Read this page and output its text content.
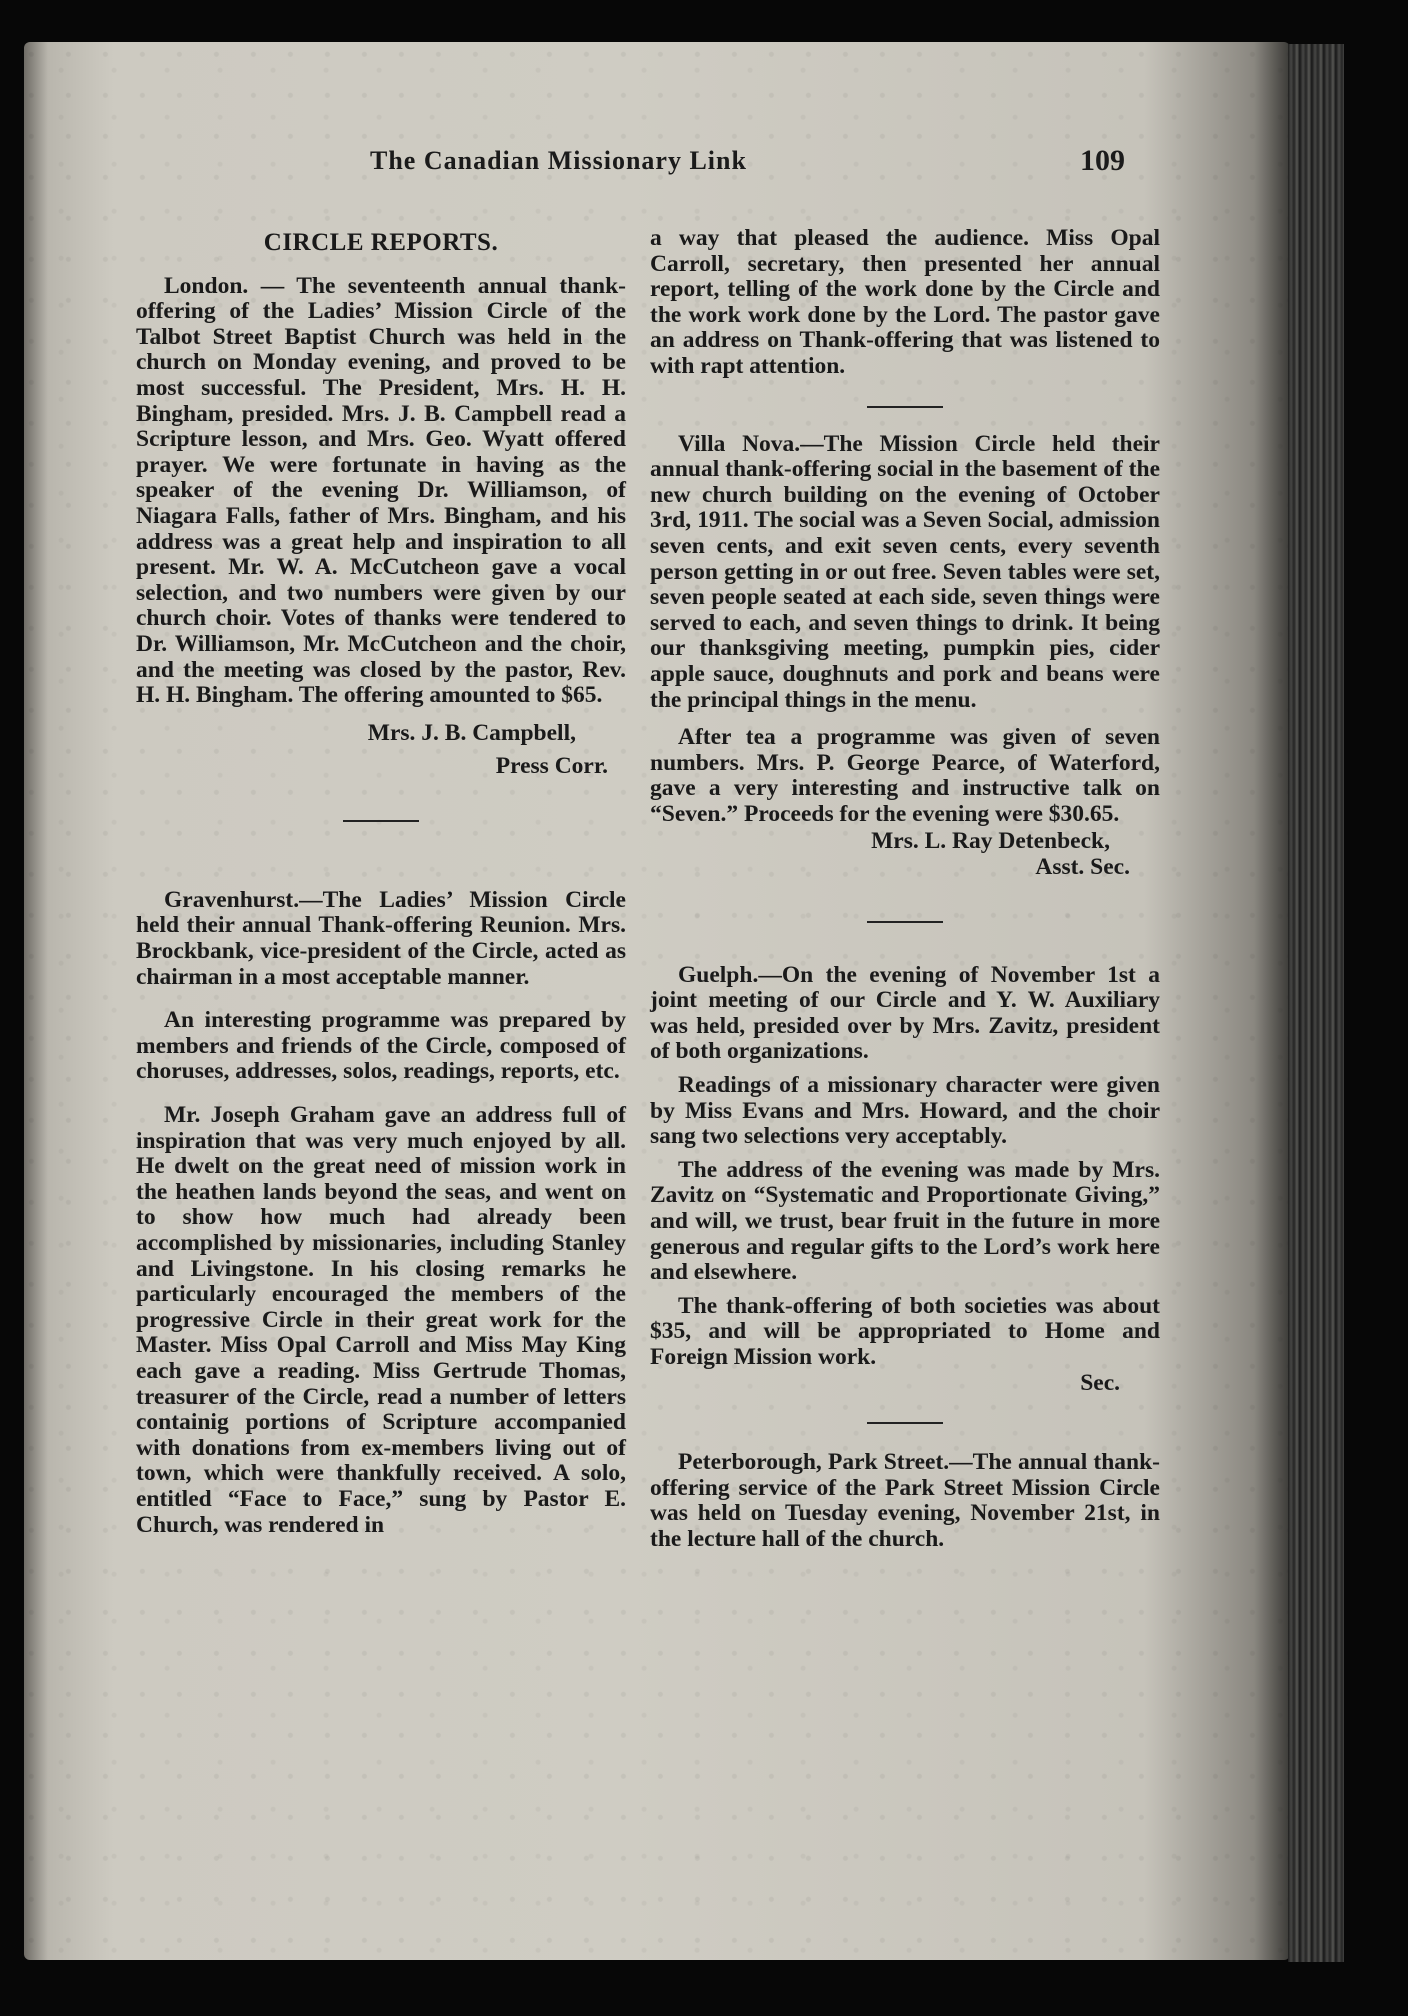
The Canadian Missionary Link	109
CIRCLE REPORTS.

London. — The seventeenth annual thank-offering of the Ladies’ Mission Circle of the Talbot Street Baptist Church was held in the church on Monday evening, and proved to be most successful. The President, Mrs. H. H. Bingham, presided. Mrs. J. B. Campbell read a Scripture lesson, and Mrs. Geo. Wyatt offered prayer. We were fortunate in having as the speaker of the evening Dr. Williamson, of Niagara Falls, father of Mrs. Bingham, and his address was a great help and inspiration to all present. Mr. W. A. McCutcheon gave a vocal selection, and two numbers were given by our church choir. Votes of thanks were tendered to Dr. Williamson, Mr. McCutcheon and the choir, and the meeting was closed by the pastor, Rev. H. H. Bingham. The offering amounted to $65.

Mrs. J. B. Campbell,
Press Corr.

Gravenhurst.—The Ladies’ Mission Circle held their annual Thank-offering Reunion. Mrs. Brockbank, vice-president of the Circle, acted as chairman in a most acceptable manner.

An interesting programme was prepared by members and friends of the Circle, composed of choruses, addresses, solos, readings, reports, etc.

Mr. Joseph Graham gave an address full of inspiration that was very much enjoyed by all. He dwelt on the great need of mission work in the heathen lands beyond the seas, and went on to show how much had already been accomplished by missionaries, including Stanley and Livingstone. In his closing remarks he particularly encouraged the members of the progressive Circle in their great work for the Master. Miss Opal Carroll and Miss May King each gave a reading. Miss Gertrude Thomas, treasurer of the Circle, read a number of letters containig portions of Scripture accompanied with donations from ex-members living out of town, which were thankfully received. A solo, entitled “Face to Face,” sung by Pastor E. Church, was rendered in

a way that pleased the audience. Miss Opal Carroll, secretary, then presented her annual report, telling of the work done by the Circle and the work work done by the Lord. The pastor gave an address on Thank-offering that was listened to with rapt attention.

Villa Nova.—The Mission Circle held their annual thank-offering social in the basement of the new church building on the evening of October 3rd, 1911. The social was a Seven Social, admission seven cents, and exit seven cents, every seventh person getting in or out free. Seven tables were set, seven people seated at each side, seven things were served to each, and seven things to drink. It being our thanksgiving meeting, pumpkin pies, cider apple sauce, doughnuts and pork and beans were the principal things in the menu.

After tea a programme was given of seven numbers. Mrs. P. George Pearce, of Waterford, gave a very interesting and instructive talk on “Seven.” Proceeds for the evening were $30.65.

Mrs. L. Ray Detenbeck,
Asst. Sec.

Guelph.—On the evening of November 1st a joint meeting of our Circle and Y. W. Auxiliary was held, presided over by Mrs. Zavitz, president of both organizations.

Readings of a missionary character were given by Miss Evans and Mrs. Howard, and the choir sang two selections very acceptably.

The address of the evening was made by Mrs. Zavitz on “Systematic and Proportionate Giving,” and will, we trust, bear fruit in the future in more generous and regular gifts to the Lord’s work here and elsewhere.

The thank-offering of both societies was about $35, and will be appropriated to Home and Foreign Mission work.

Sec.

Peterborough, Park Street.—The annual thank-offering service of the Park Street Mission Circle was held on Tuesday evening, November 21st, in the lecture hall of the church.
